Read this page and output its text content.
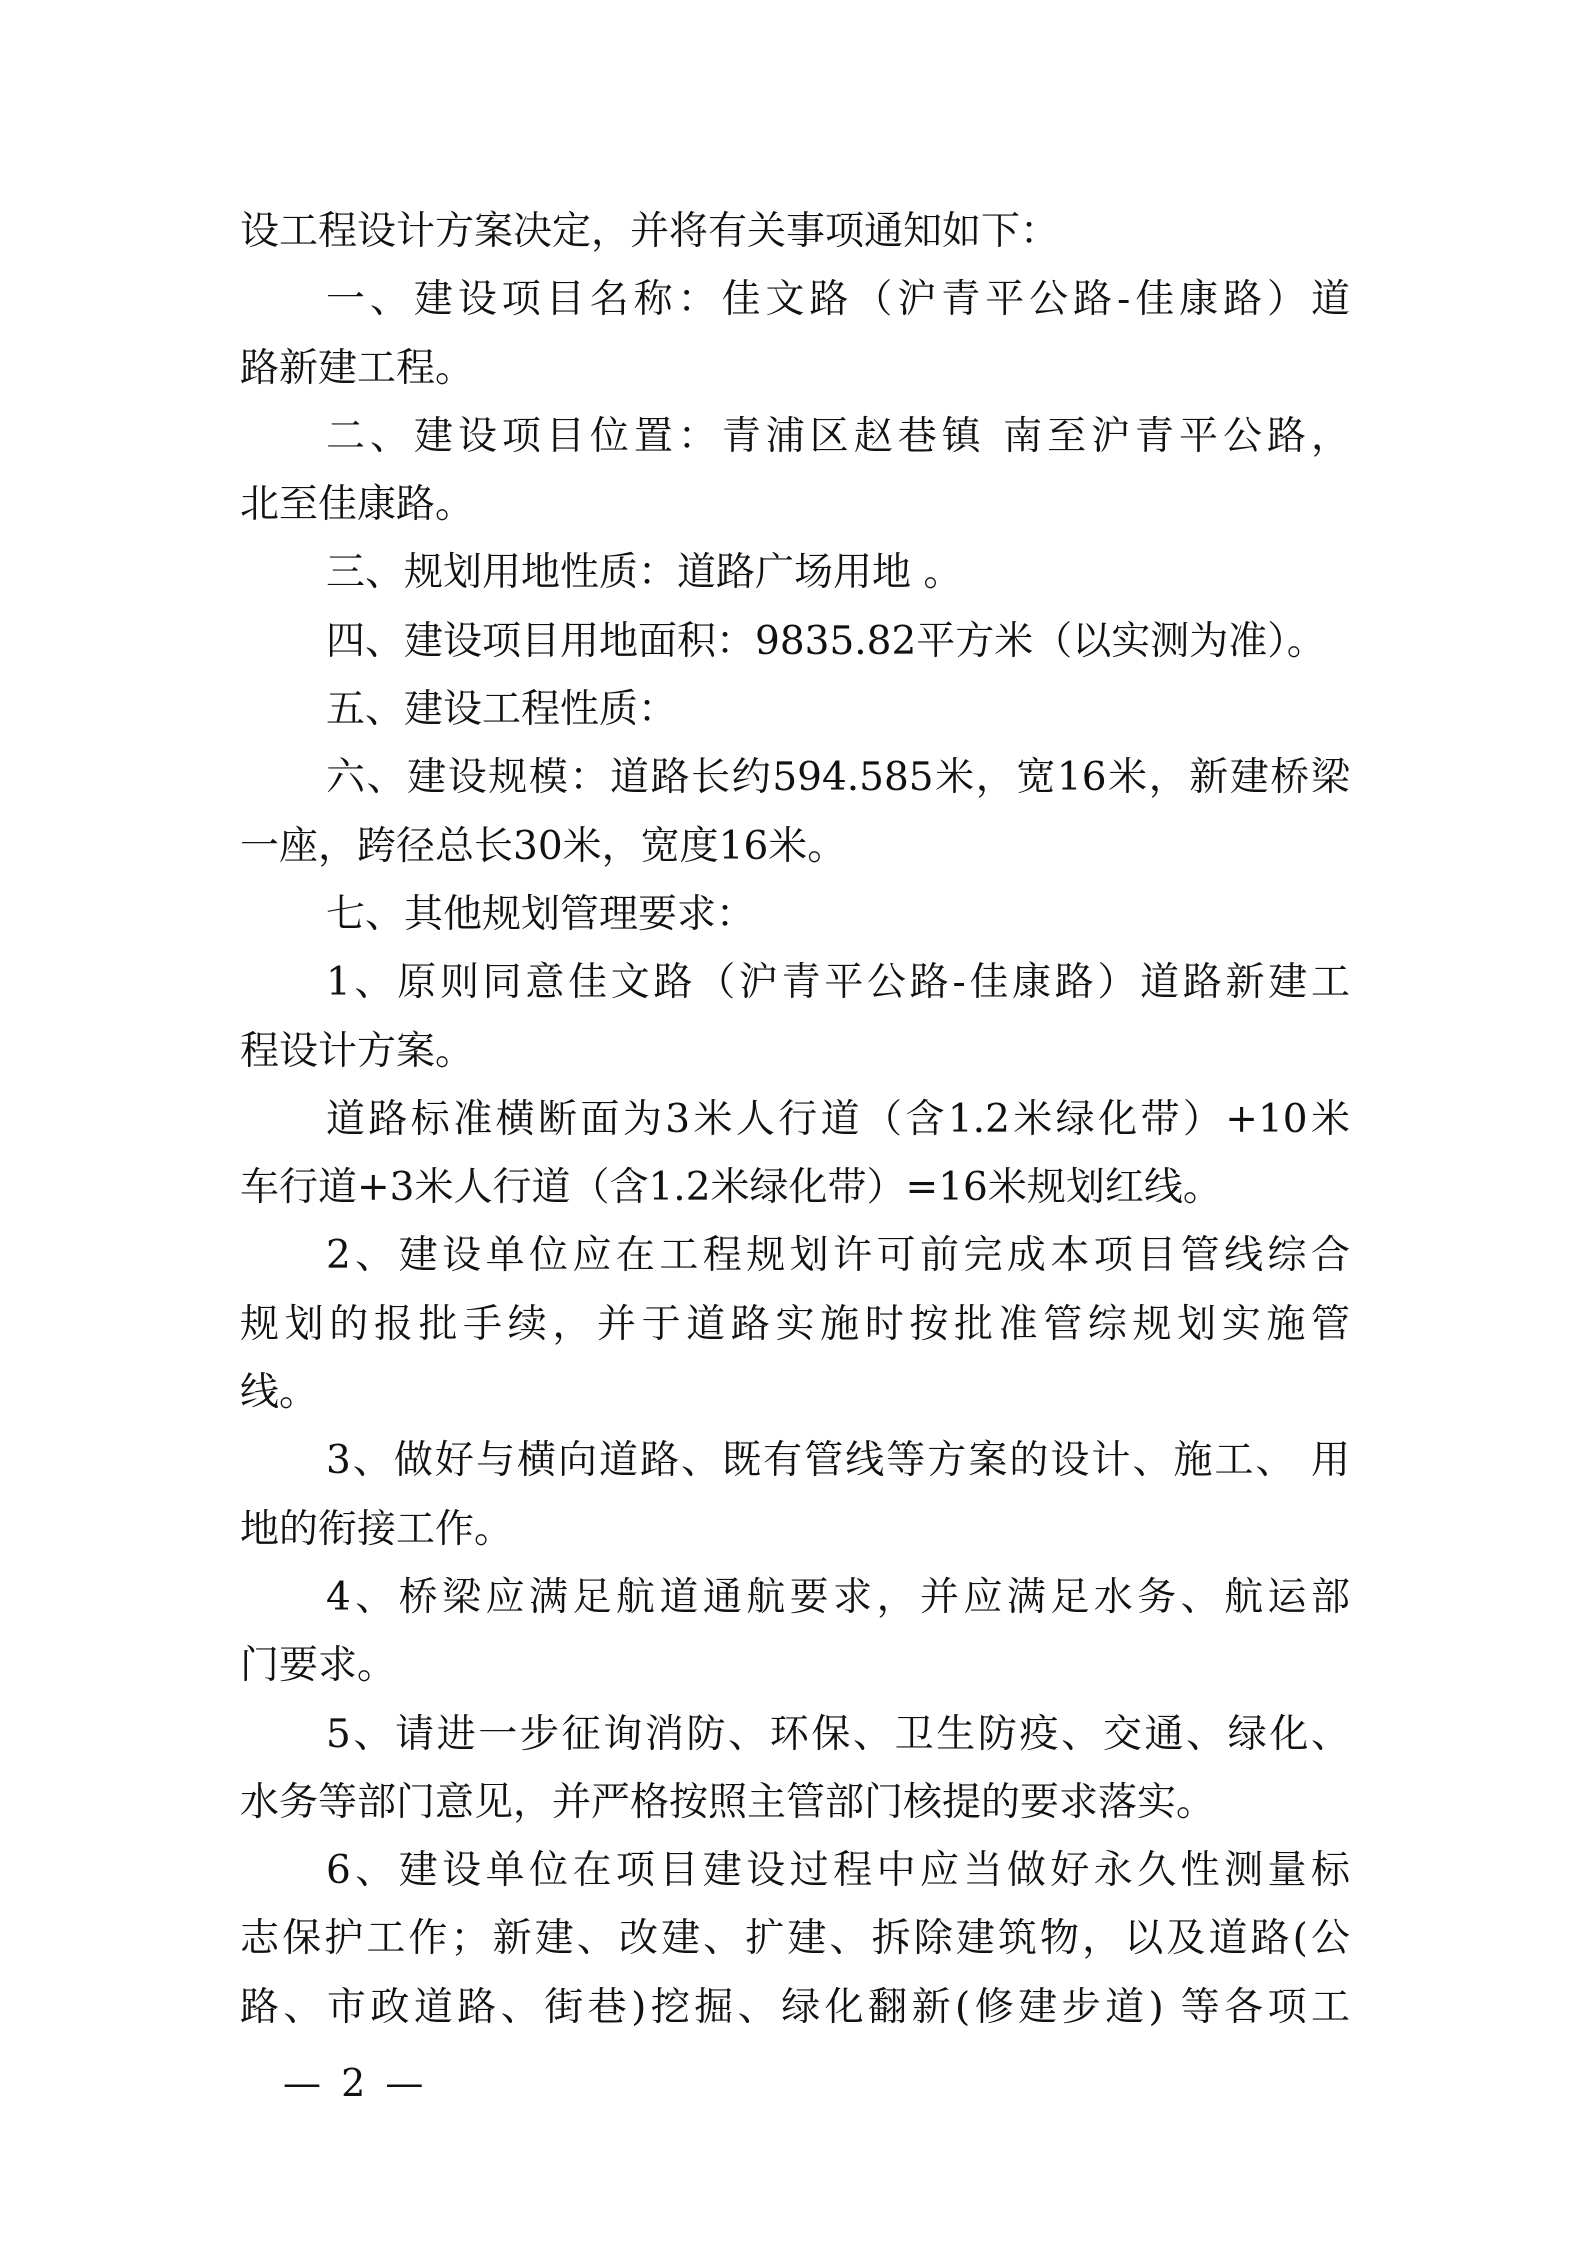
设工程设计方案决定，并将有关事项通知如下：
一、建设项目名称：佳文路（沪青平公路-佳康路）道
路新建工程。
二、建设项目位置：青浦区赵巷镇 南至沪青平公路，
北至佳康路。
三、规划用地性质：道路广场用地 。
四、建设项目用地面积：9835.82平方米（以实测为准）。
五、建设工程性质：
六、建设规模：道路长约594.585米，宽16米，新建桥梁
一座，跨径总长30米，宽度16米。
七、其他规划管理要求：
1、原则同意佳文路（沪青平公路-佳康路）道路新建工
程设计方案。
道路标准横断面为3米人行道（含1.2米绿化带）+10米
车行道+3米人行道（含1.2米绿化带）=16米规划红线。
2、建设单位应在工程规划许可前完成本项目管线综合
规划的报批手续，并于道路实施时按批准管综规划实施管
线。
3、做好与横向道路、既有管线等方案的设计、施工、 用
地的衔接工作。
4、桥梁应满足航道通航要求，并应满足水务、航运部
门要求。
5、请进一步征询消防、环保、卫生防疫、交通、绿化、
水务等部门意见，并严格按照主管部门核提的要求落实。
6、建设单位在项目建设过程中应当做好永久性测量标
志保护工作；新建、改建、扩建、拆除建筑物，以及道路(公
路、市政道路、街巷)挖掘、绿化翻新(修建步道) 等各项工
— 2 —
